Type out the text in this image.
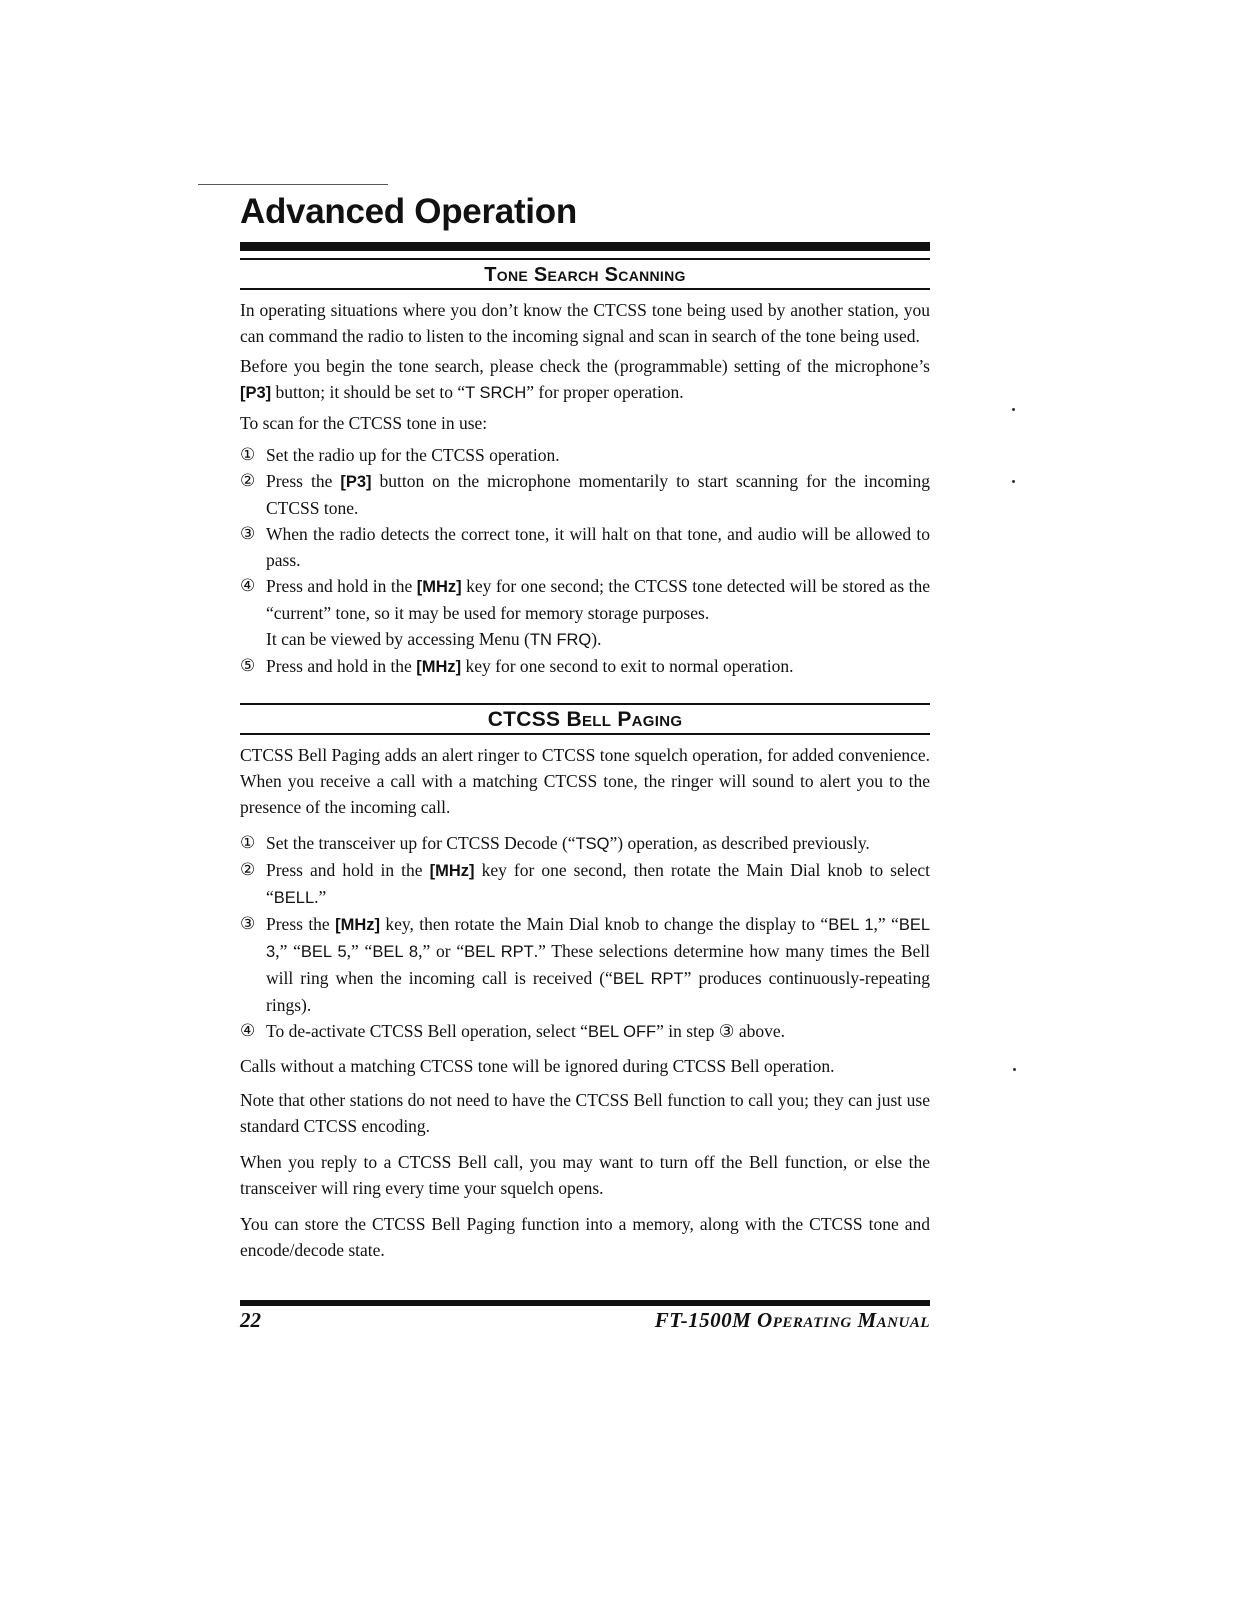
Advanced Operation
Tone Search Scanning

In operating situations where you don’t know the CTCSS tone being used by another station, you can command the radio to listen to the incoming signal and scan in search of the tone being used.

Before you begin the tone search, please check the (programmable) setting of the microphone’s [P3] button; it should be set to “T SRCH” for proper operation.

To scan for the CTCSS tone in use:

① Set the radio up for the CTCSS operation.
② Press the [P3] button on the microphone momentarily to start scanning for the incoming CTCSS tone.
③ When the radio detects the correct tone, it will halt on that tone, and audio will be allowed to pass.
④ Press and hold in the [MHz] key for one second; the CTCSS tone detected will be stored as the “current” tone, so it may be used for memory storage purposes.
It can be viewed by accessing Menu (TN FRQ).
⑤ Press and hold in the [MHz] key for one second to exit to normal operation.
CTCSS Bell Paging

CTCSS Bell Paging adds an alert ringer to CTCSS tone squelch operation, for added convenience. When you receive a call with a matching CTCSS tone, the ringer will sound to alert you to the presence of the incoming call.

① Set the transceiver up for CTCSS Decode (“TSQ”) operation, as described previously.
② Press and hold in the [MHz] key for one second, then rotate the Main Dial knob to select “BELL.”
③ Press the [MHz] key, then rotate the Main Dial knob to change the display to “BEL 1,” “BEL 3,” “BEL 5,” “BEL 8,” or “BEL RPT.” These selections determine how many times the Bell will ring when the incoming call is received (“BEL RPT” produces continuously-repeating rings).
④ To de-activate CTCSS Bell operation, select “BEL OFF” in step ③ above.

Calls without a matching CTCSS tone will be ignored during CTCSS Bell operation.

Note that other stations do not need to have the CTCSS Bell function to call you; they can just use standard CTCSS encoding.

When you reply to a CTCSS Bell call, you may want to turn off the Bell function, or else the transceiver will ring every time your squelch opens.

You can store the CTCSS Bell Paging function into a memory, along with the CTCSS tone and encode/decode state.

22	FT-1500M Operating Manual
